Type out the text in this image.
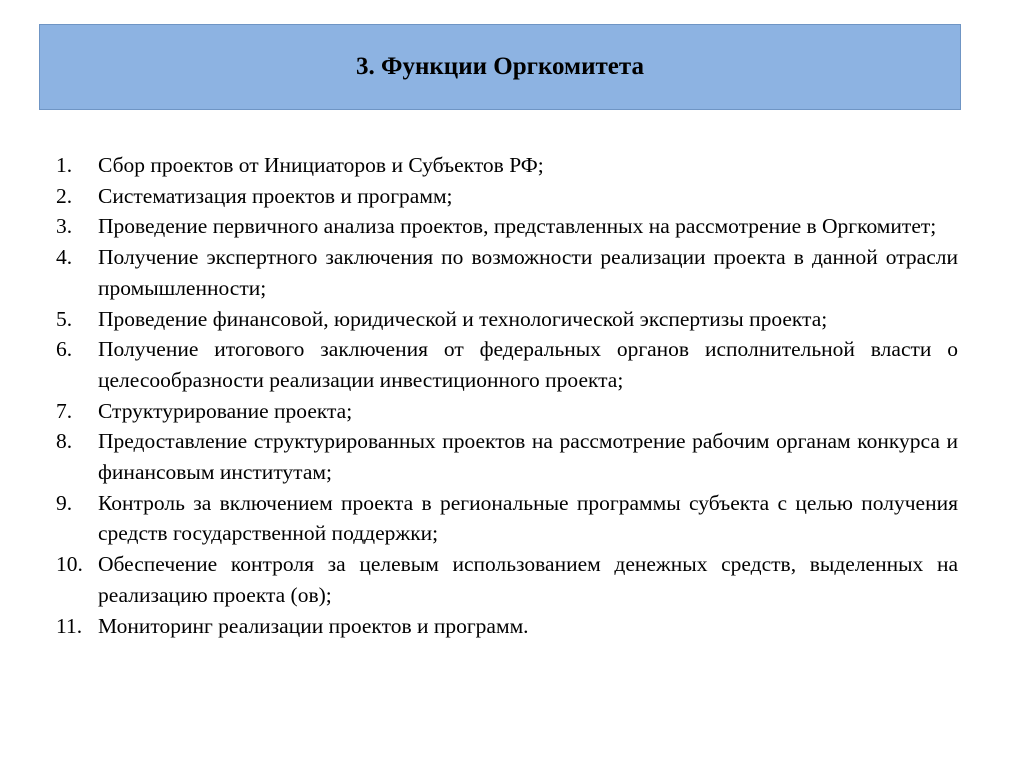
3. Функции Оргкомитета
1.	Сбор проектов от Инициаторов и Субъектов РФ;
2.	Систематизация проектов и программ;
3.	Проведение первичного анализа проектов, представленных на рассмотрение в Оргкомитет;
4.	Получение экспертного заключения по возможности реализации проекта в данной отрасли промышленности;
5.	Проведение финансовой, юридической и технологической экспертизы проекта;
6.	Получение итогового заключения от федеральных органов исполнительной власти о целесообразности реализации инвестиционного проекта;
7.	Структурирование проекта;
8.	Предоставление структурированных проектов на рассмотрение рабочим органам конкурса и финансовым институтам;
9.	Контроль за включением проекта в региональные программы субъекта с целью получения средств государственной поддержки;
10. Обеспечение контроля за целевым использованием денежных средств, выделенных на реализацию проекта (ов);
11. Мониторинг реализации проектов и программ.
